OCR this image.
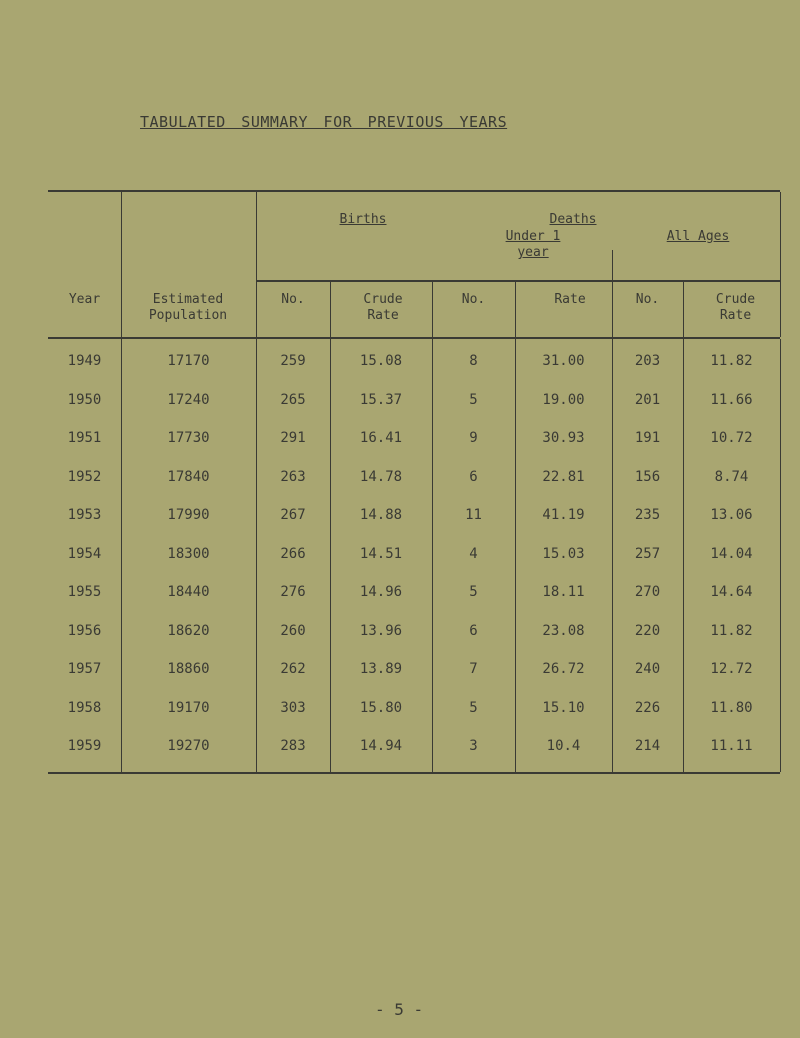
TABULATED SUMMARY FOR PREVIOUS YEARS
Births	Deaths
Under 1 year
All Ages
Year	Estimated Population
No.	Crude Rate
No.	Rate	No.	Crude Rate
1949	17170	259	15.08	8	31.00	203	11.82
1950	17240	265	15.37	5	19.00	201	11.66
1951	17730	291	16.41	9	30.93	191	10.72
1952	17840	263	14.78	6	22.81	156	8.74
1953	17990	267	14.88	11	41.19	235	13.06
1954	18300	266	14.51	4	15.03	257	14.04
1955	18440	276	14.96	5	18.11	270	14.64
1956	18620	260	13.96	6	23.08	220	11.82
1957	18860	262	13.89	7	26.72	240	12.72
1958	19170	303	15.80	5	15.10	226	11.80
1959	19270	283	14.94	3	10.4	214	11.11
- 5 -
